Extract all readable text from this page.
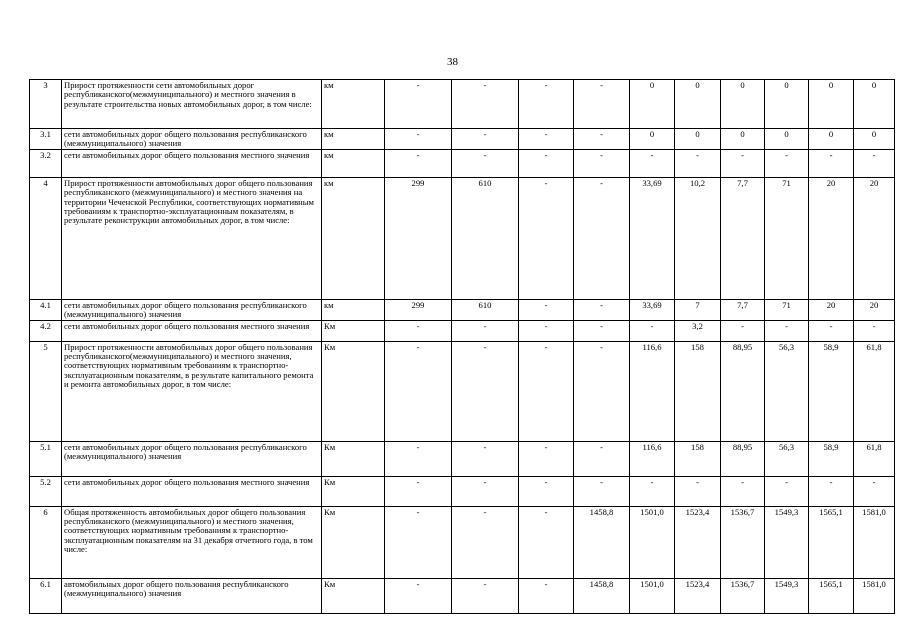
38
3	Прирост протяженности сети автомобильных дорог республиканского(межмуниципального) и местного значения в результате строительства новых автомобильных дорог, в том числе:	км	-	-	-	-	0	0	0	0	0	0
3.1	сети автомобильных дорог общего пользования республиканского (межмуниципального) значения	км	-	-	-	-	0	0	0	0	0	0
3.2	сети автомобильных дорог общего пользования местного значения	км	-	-	-	-	-	-	-	-	-	-
4	Прирост протяженности автомобильных дорог общего пользования республиканского (межмуниципального) и местного значения на территории Чеченской Республики, соответствующих нормативным требованиям к транспортно-эксплуатационным показателям, в результате реконструкции автомобильных дорог, в том числе:	км	299	610	-	-	33,69	10,2	7,7	71	20	20
4.1	сети автомобильных дорог общего пользования республиканского (межмуниципального) значения	км	299	610	-	-	33,69	7	7,7	71	20	20
4.2	сети автомобильных дорог общего пользования местного значения	Км	-	-	-	-	-	3,2	-	-	-	-
5	Прирост протяженности автомобильных дорог общего пользования республиканского(межмуниципального) и местного значения, соответствующих нормативным требованиям к транспортно-эксплуатационным показателям, в результате капитального ремонта и ремонта автомобильных дорог, в том числе:	Км	-	-	-	-	116,6	158	88,95	56,3	58,9	61,8
5.1	сети автомобильных дорог общего пользования республиканского (межмуниципального) значения	Км	-	-	-	-	116,6	158	88,95	56,3	58,9	61,8
5.2	сети автомобильных дорог общего пользования местного значения	Км	-	-	-	-	-	-	-	-	-	-
6	Общая протяженность автомобильных дорог общего пользования республиканского (межмуниципального) и местного значения, соответствующих нормативным требованиям к транспортно-эксплуатационным показателям на 31 декабря отчетного года, в том числе:	Км	-	-	-	1458,8	1501,0	1523,4	1536,7	1549,3	1565,1	1581,0
6.1	автомобильных дорог общего пользования республиканского (межмуниципального) значения	Км	-	-	-	1458,8	1501,0	1523,4	1536,7	1549,3	1565,1	1581,0
